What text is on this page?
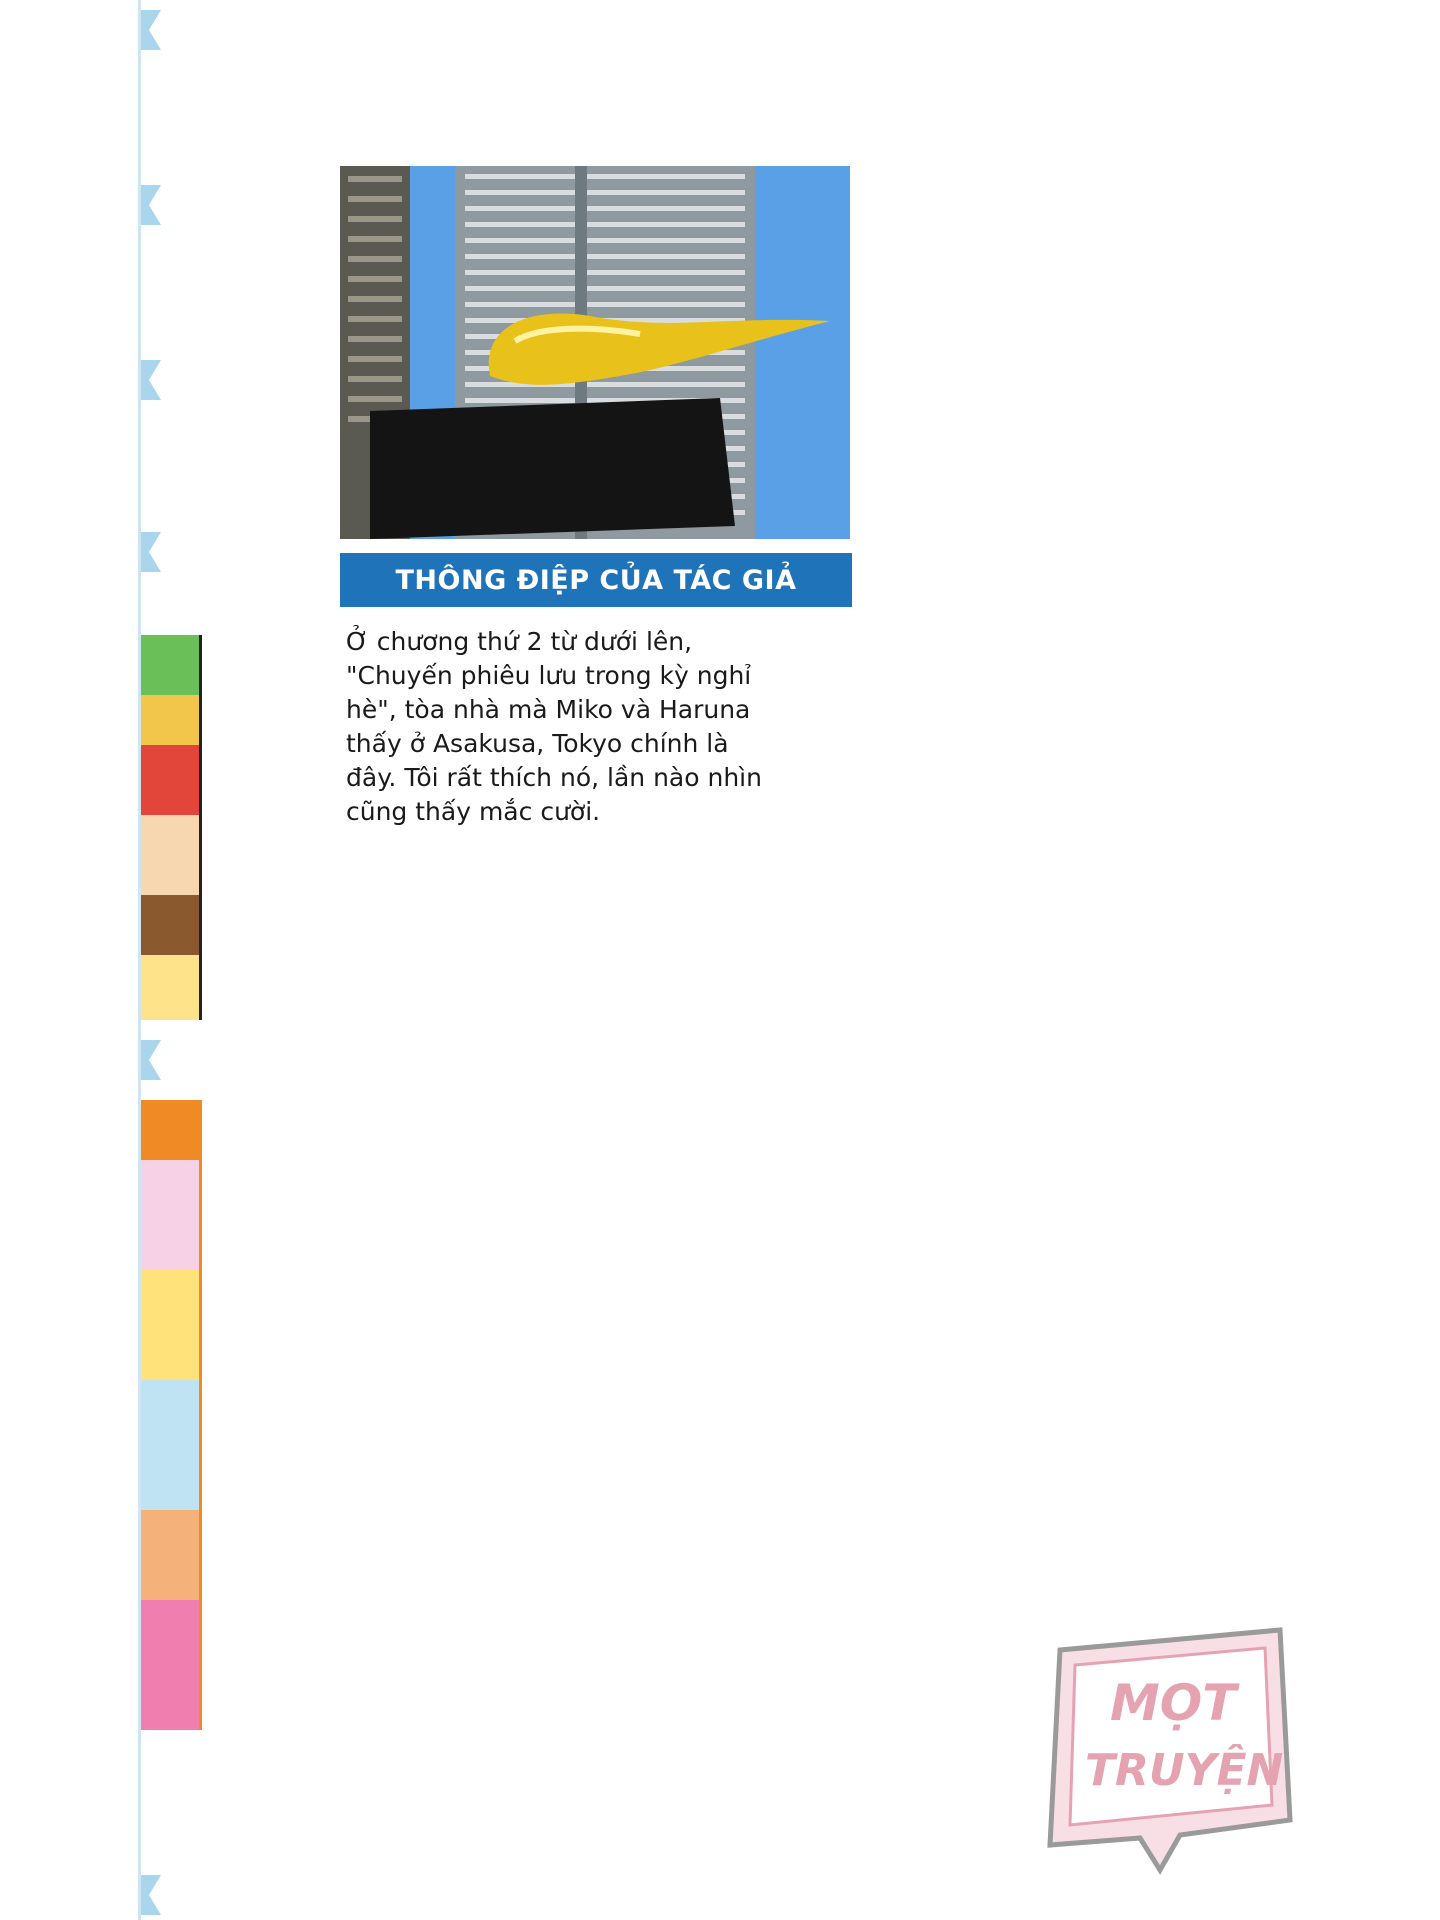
THÔNG ĐIỆP CỦA TÁC GIẢ
Ở chương thứ 2 từ dưới lên,
"Chuyến phiêu lưu trong kỳ nghỉ
hè", tòa nhà mà Miko và Haruna
thấy ở Asakusa, Tokyo chính là
đây. Tôi rất thích nó, lần nào nhìn
cũng thấy mắc cười.
MỌT
TRUYỆN
